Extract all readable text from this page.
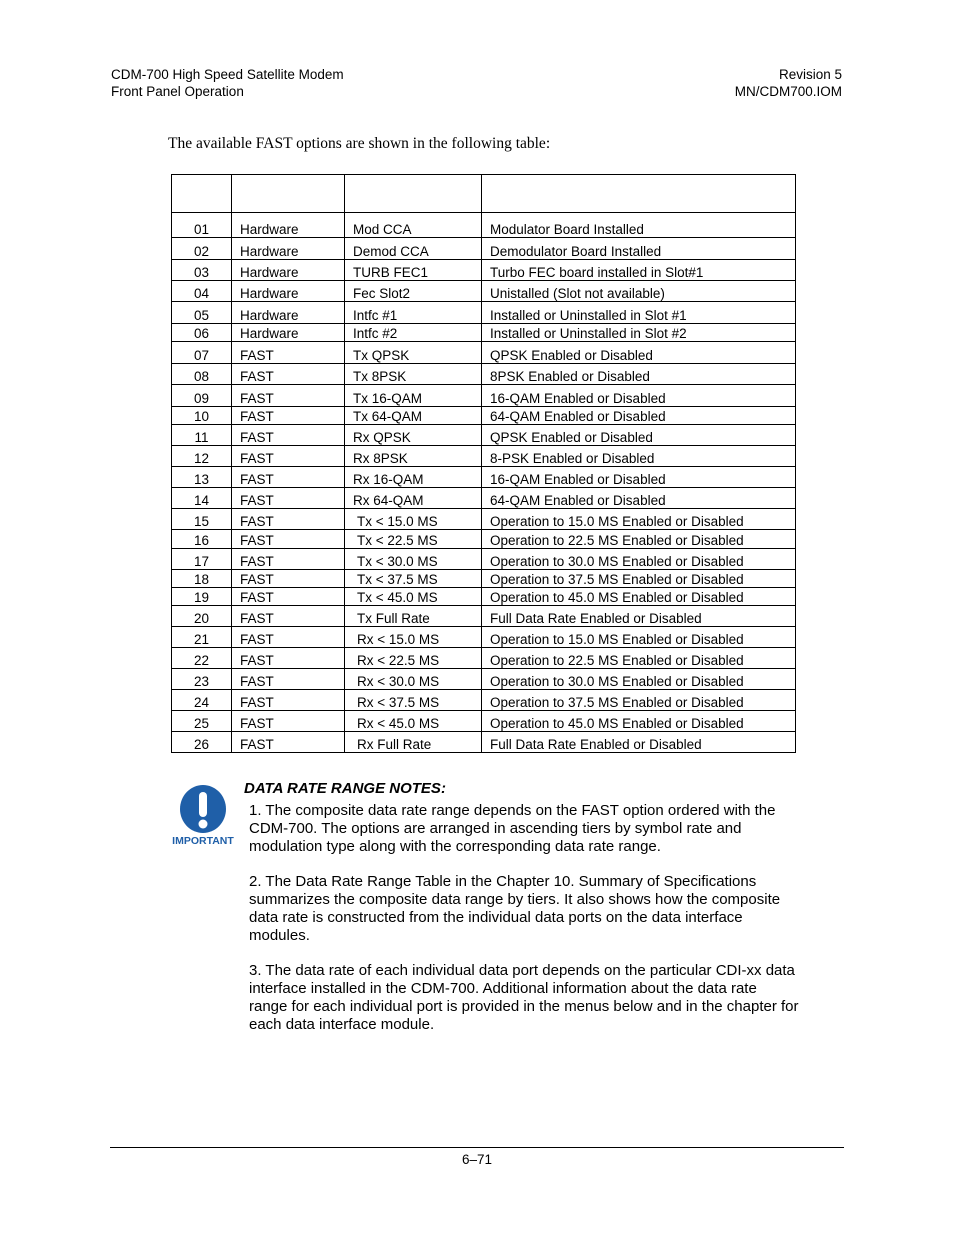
CDM-700 High Speed Satellite Modem
Front Panel Operation
Revision 5
MN/CDM700.IOM
The available FAST options are shown in the following table:

01	Hardware	Mod CCA	Modulator Board Installed
02	Hardware	Demod CCA	Demodulator Board Installed
03	Hardware	TURB FEC1	Turbo FEC board installed in Slot#1
04	Hardware	Fec Slot2	Unistalled (Slot not available)
05	Hardware	Intfc #1	Installed or Uninstalled in Slot #1
06	Hardware	Intfc #2	Installed or Uninstalled in Slot #2
07	FAST	Tx QPSK	QPSK Enabled or Disabled
08	FAST	Tx 8PSK	8PSK Enabled or Disabled
09	FAST	Tx 16-QAM	16-QAM Enabled or Disabled
10	FAST	Tx 64-QAM	64-QAM Enabled or Disabled
11	FAST	Rx QPSK	QPSK Enabled or Disabled
12	FAST	Rx 8PSK	8-PSK Enabled or Disabled
13	FAST	Rx 16-QAM	16-QAM Enabled or Disabled
14	FAST	Rx 64-QAM	64-QAM Enabled or Disabled
15	FAST	Tx < 15.0 MS	Operation to 15.0 MS Enabled or Disabled
16	FAST	Tx < 22.5 MS	Operation to 22.5 MS Enabled or Disabled
17	FAST	Tx < 30.0 MS	Operation to 30.0 MS Enabled or Disabled
18	FAST	Tx < 37.5 MS	Operation to 37.5 MS Enabled or Disabled
19	FAST	Tx < 45.0 MS	Operation to 45.0 MS Enabled or Disabled
20	FAST	Tx Full Rate	Full Data Rate Enabled or Disabled
21	FAST	Rx < 15.0 MS	Operation to 15.0 MS Enabled or Disabled
22	FAST	Rx < 22.5 MS	Operation to 22.5 MS Enabled or Disabled
23	FAST	Rx < 30.0 MS	Operation to 30.0 MS Enabled or Disabled
24	FAST	Rx < 37.5 MS	Operation to 37.5 MS Enabled or Disabled
25	FAST	Rx < 45.0 MS	Operation to 45.0 MS Enabled or Disabled
26	FAST	Rx Full Rate	Full Data Rate Enabled or Disabled
IMPORTANT
DATA RATE RANGE NOTES:

1. The composite data rate range depends on the FAST option ordered with the CDM-700. The options are arranged in ascending tiers by symbol rate and modulation type along with the corresponding data rate range.

2. The Data Rate Range Table in the Chapter 10. Summary of Specifications summarizes the composite data range by tiers. It also shows how the composite data rate is constructed from the individual data ports on the data interface modules.

3. The data rate of each individual data port depends on the particular CDI-xx data interface installed in the CDM-700. Additional information about the data rate range for each individual port is provided in the menus below and in the chapter for each data interface module.

6–71
